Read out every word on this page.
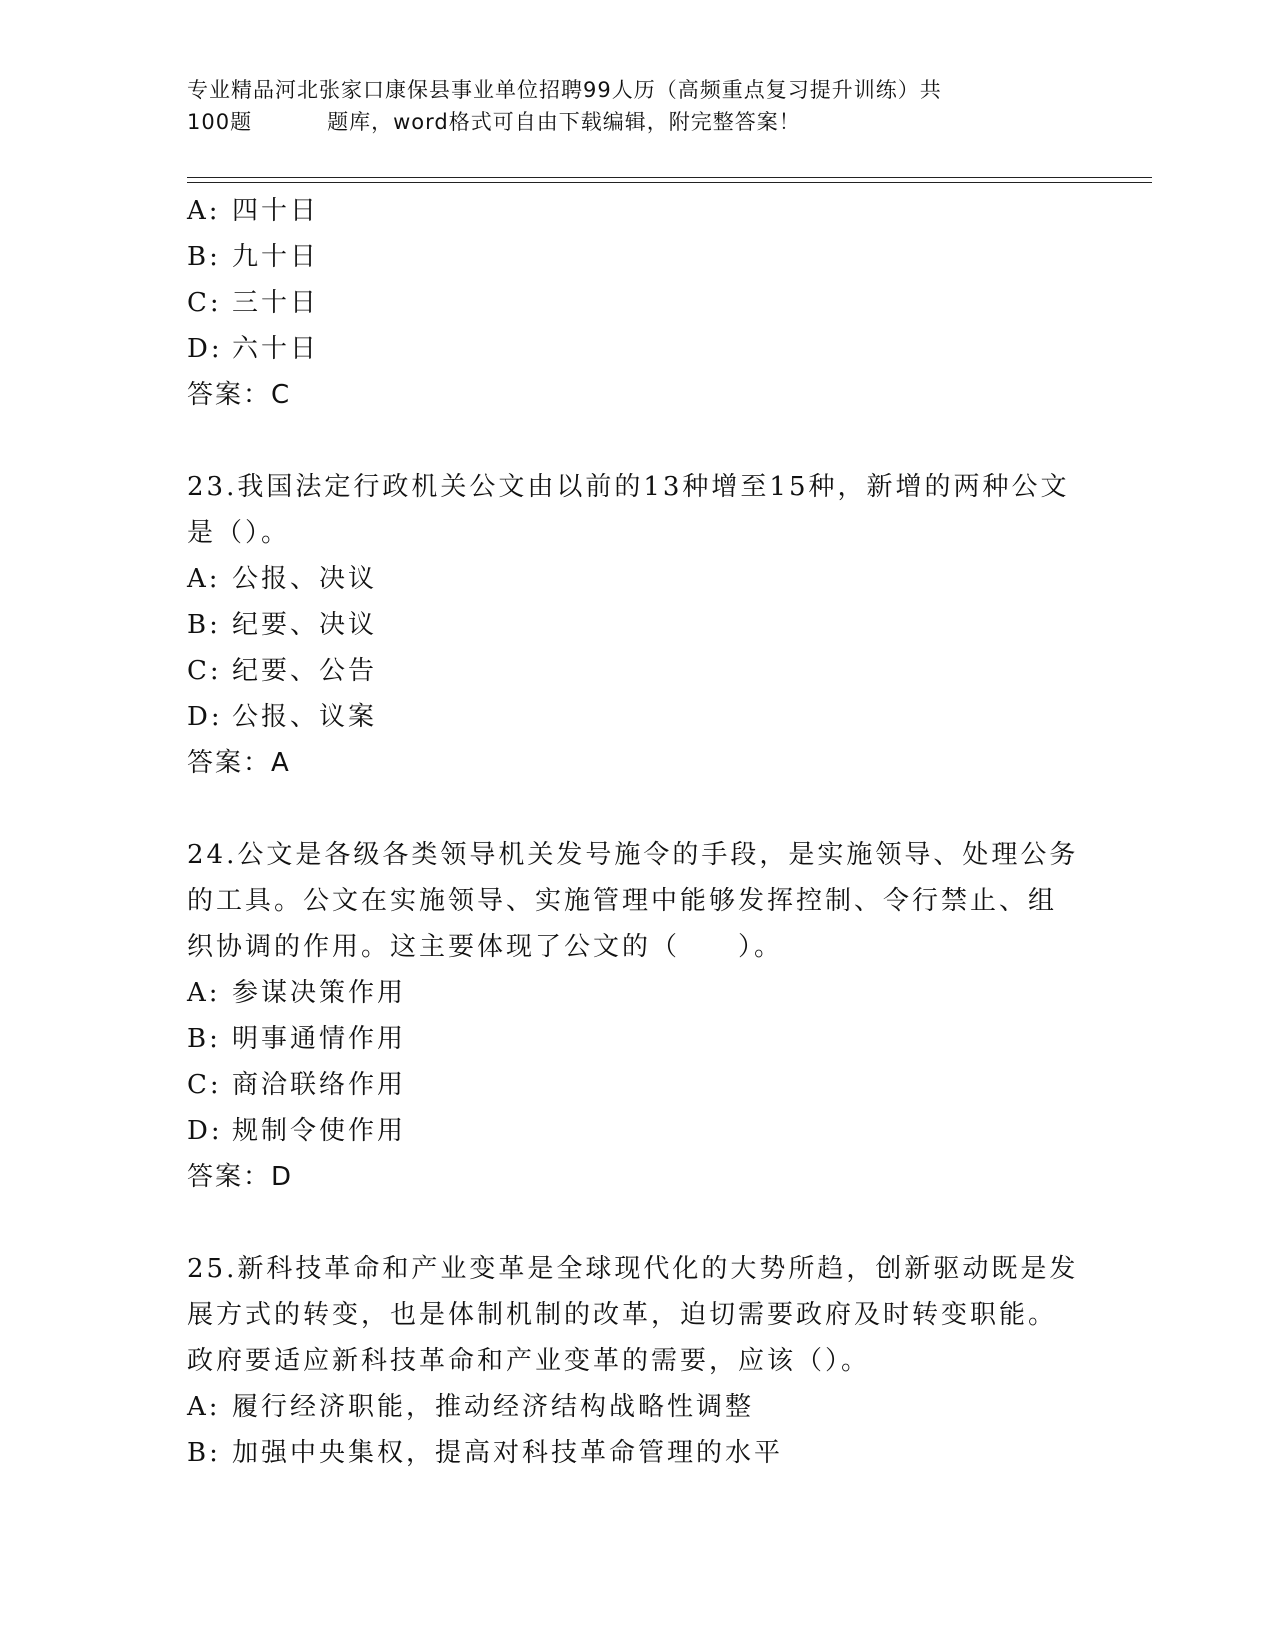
专业精品河北张家口康保县事业单位招聘99人历（高频重点复习提升训练）共
100题	题库，word格式可自由下载编辑，附完整答案！
A: 四十日
B: 九十日
C: 三十日
D: 六十日
答案：C
23.我国法定行政机关公文由以前的13种增至15种，新增的两种公文
是（）。
A: 公报、决议
B: 纪要、决议
C: 纪要、公告
D: 公报、议案
答案：A
24.公文是各级各类领导机关发号施令的手段，是实施领导、处理公务
的工具。公文在实施领导、实施管理中能够发挥控制、令行禁止、组
织协调的作用。这主要体现了公文的（　　）。
A: 参谋决策作用
B: 明事通情作用
C: 商洽联络作用
D: 规制令使作用
答案：D
25.新科技革命和产业变革是全球现代化的大势所趋，创新驱动既是发
展方式的转变，也是体制机制的改革，迫切需要政府及时转变职能。
政府要适应新科技革命和产业变革的需要，应该（）。
A: 履行经济职能，推动经济结构战略性调整
B: 加强中央集权，提高对科技革命管理的水平
